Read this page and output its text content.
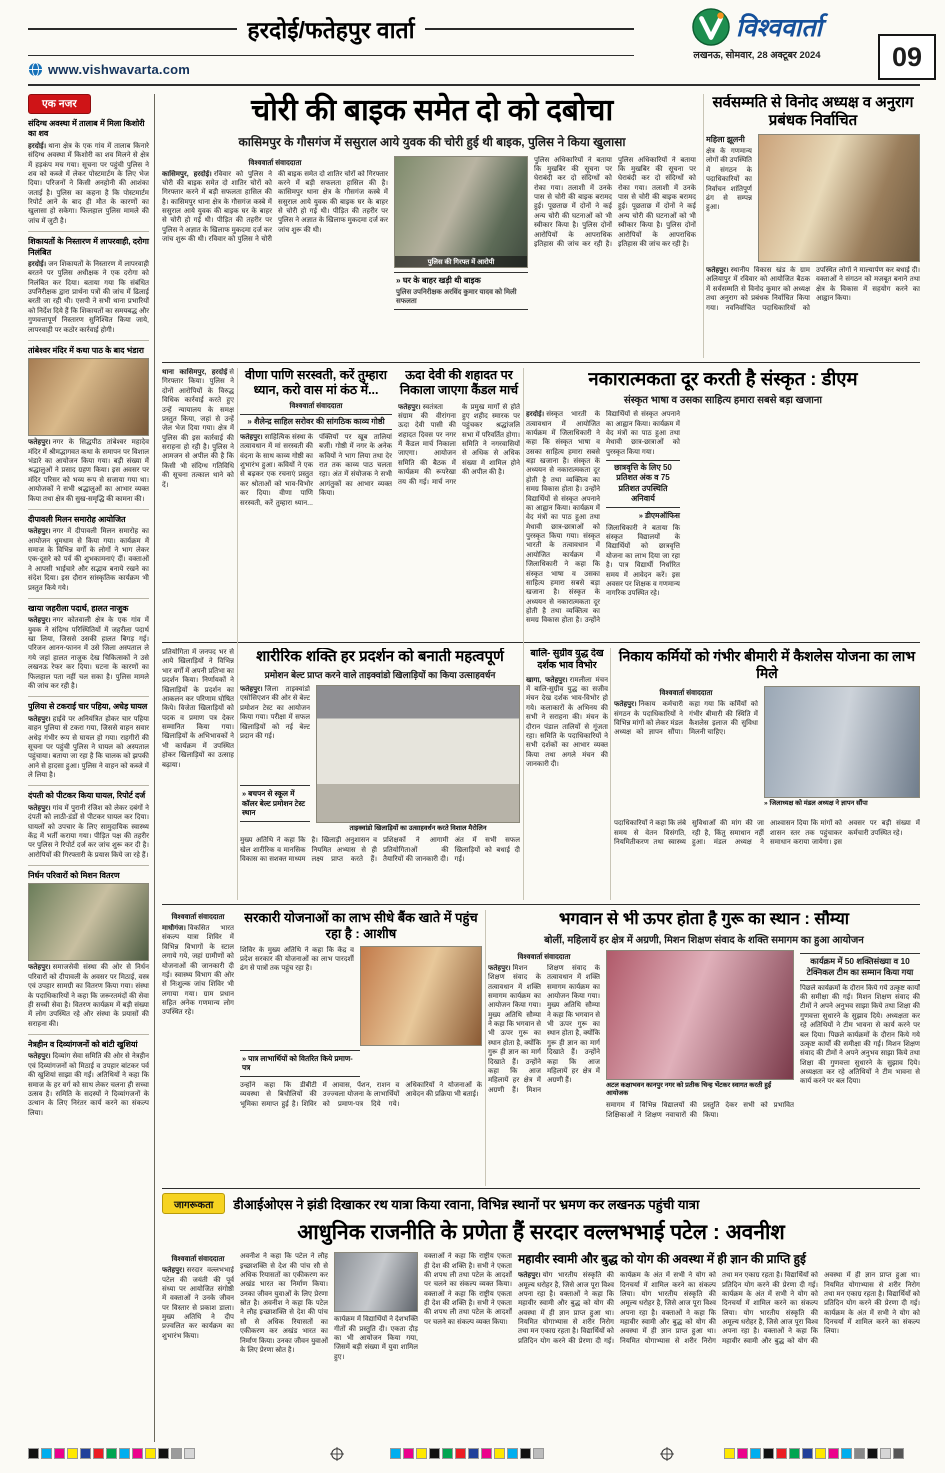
हरदोई/फतेहपुर वार्ता	विश्ववार्ता
लखनऊ, सोमवार, 28 अक्टूबर 2024	09
www.vishwavarta.com
एक नजर
संदिग्ध अवस्था में तालाब में मिला किशोरी का शव

हरदोई। थाना क्षेत्र के एक गांव में तालाब किनारे संदिग्ध अवस्था में किशोरी का शव मिलने से क्षेत्र में हड़कंप मच गया। सूचना पर पहुंची पुलिस ने शव को कब्जे में लेकर पोस्टमार्टम के लिए भेज दिया। परिजनों ने किसी अनहोनी की आशंका जताई है। पुलिस का कहना है कि पोस्टमार्टम रिपोर्ट आने के बाद ही मौत के कारणों का खुलासा हो सकेगा। फिलहाल पुलिस मामले की जांच में जुटी है।

शिकायतों के निस्तारण में लापरवाही, दरोगा निलंबित

हरदोई। जन शिकायतों के निस्तारण में लापरवाही बरतने पर पुलिस अधीक्षक ने एक दरोगा को निलंबित कर दिया। बताया गया कि संबंधित उपनिरीक्षक द्वारा प्रार्थना पत्रों की जांच में ढिलाई बरती जा रही थी। एसपी ने सभी थाना प्रभारियों को निर्देश दिये हैं कि शिकायतों का समयबद्ध और गुणवत्तापूर्ण निस्तारण सुनिश्चित किया जाये, लापरवाही पर कठोर कार्रवाई होगी।

तांबेश्वर मंदिर में कथा पाठ के बाद भंडारा

फतेहपुर। नगर के सिद्धपीठ तांबेश्वर महादेव मंदिर में श्रीमद्भागवत कथा के समापन पर विशाल भंडारे का आयोजन किया गया। बड़ी संख्या में श्रद्धालुओं ने प्रसाद ग्रहण किया। इस अवसर पर मंदिर परिसर को भव्य रूप से सजाया गया था। आयोजकों ने सभी श्रद्धालुओं का आभार व्यक्त किया तथा क्षेत्र की सुख-समृद्धि की कामना की।

दीपावली मिलन समारोह आयोजित

फतेहपुर। नगर में दीपावली मिलन समारोह का आयोजन धूमधाम से किया गया। कार्यक्रम में समाज के विभिन्न वर्गों के लोगों ने भाग लेकर एक-दूसरे को पर्व की शुभकामनाएं दीं। वक्ताओं ने आपसी भाईचारे और सद्भाव बनाये रखने का संदेश दिया। इस दौरान सांस्कृतिक कार्यक्रम भी प्रस्तुत किये गये।

खाया जहरीला पदार्थ, हालत नाजुक

फतेहपुर। नगर कोतवाली क्षेत्र के एक गांव में युवक ने संदिग्ध परिस्थितियों में जहरीला पदार्थ खा लिया, जिससे उसकी हालत बिगड़ गई। परिजन आनन-फानन में उसे जिला अस्पताल ले गये जहां हालत नाजुक देख चिकित्सकों ने उसे लखनऊ रेफर कर दिया। घटना के कारणों का फिलहाल पता नहीं चल सका है। पुलिस मामले की जांच कर रही है।

पुलिया से टकराई चार पहिया, अधेड़ घायल

फतेहपुर। हाईवे पर अनियंत्रित होकर चार पहिया वाहन पुलिया से टकरा गया, जिससे वाहन सवार अधेड़ गंभीर रूप से घायल हो गया। राहगीरों की सूचना पर पहुंची पुलिस ने घायल को अस्पताल पहुंचाया। बताया जा रहा है कि चालक को झपकी आने से हादसा हुआ। पुलिस ने वाहन को कब्जे में ले लिया है।

दंपती को पीटकर किया घायल, रिपोर्ट दर्ज

फतेहपुर। गांव में पुरानी रंजिश को लेकर दबंगों ने दंपती को लाठी-डंडों से पीटकर घायल कर दिया। घायलों को उपचार के लिए सामुदायिक स्वास्थ्य केंद्र में भर्ती कराया गया। पीड़ित पक्ष की तहरीर पर पुलिस ने रिपोर्ट दर्ज कर जांच शुरू कर दी है। आरोपियों की गिरफ्तारी के प्रयास किये जा रहे हैं।

निर्धन परिवारों को मिशन वितरण

फतेहपुर। समाजसेवी संस्था की ओर से निर्धन परिवारों को दीपावली के अवसर पर मिठाई, वस्त्र एवं उपहार सामग्री का वितरण किया गया। संस्था के पदाधिकारियों ने कहा कि जरूरतमंदों की सेवा ही सच्ची सेवा है। वितरण कार्यक्रम में बड़ी संख्या में लोग उपस्थित रहे और संस्था के प्रयासों की सराहना की।

नेत्रहीन व दिव्यांगजनों को बांटी खुशियां

फतेहपुर। दिव्यांग सेवा समिति की ओर से नेत्रहीन एवं दिव्यांगजनों को मिठाई व उपहार बांटकर पर्व की खुशियां साझा की गईं। अतिथियों ने कहा कि समाज के हर वर्ग को साथ लेकर चलना ही सच्चा उत्सव है। समिति के सदस्यों ने दिव्यांगजनों के उत्थान के लिए निरंतर कार्य करने का संकल्प लिया।

चोरी की बाइक समेत दो को दबोचा
कासिमपुर के गौसगंज में ससुराल आये युवक की चोरी हुई थी बाइक, पुलिस ने किया खुलासा
विश्ववार्ता संवाददाता

कासिमपुर, हरदोई। रविवार को पुलिस ने चोरी की बाइक समेत दो शातिर चोरों को गिरफ्तार करने में बड़ी सफलता हासिल की है। कासिमपुर थाना क्षेत्र के गौसगंज कस्बे में ससुराल आये युवक की बाइक घर के बाहर से चोरी हो गई थी। पीड़ित की तहरीर पर पुलिस ने अज्ञात के खिलाफ मुकदमा दर्ज कर जांच शुरू की थी। रविवार को पुलिस ने चोरी की बाइक समेत दो शातिर चोरों को गिरफ्तार करने में बड़ी सफलता हासिल की है। कासिमपुर थाना क्षेत्र के गौसगंज कस्बे में ससुराल आये युवक की बाइक घर के बाहर से चोरी हो गई थी। पीड़ित की तहरीर पर पुलिस ने अज्ञात के खिलाफ मुकदमा दर्ज कर जांच शुरू की थी।

पुलिस की गिरफ्त में आरोपी
» घर के बाहर खड़ी थी बाइक
पुलिस उपनिरीक्षक अरविंद कुमार यादव को मिली सफलता

पुलिस अधिकारियों ने बताया कि मुखबिर की सूचना पर घेराबंदी कर दो संदिग्धों को रोका गया। तलाशी में उनके पास से चोरी की बाइक बरामद हुई। पूछताछ में दोनों ने कई अन्य चोरी की घटनाओं को भी स्वीकार किया है। पुलिस दोनों आरोपियों के आपराधिक इतिहास की जांच कर रही है। पुलिस अधिकारियों ने बताया कि मुखबिर की सूचना पर घेराबंदी कर दो संदिग्धों को रोका गया। तलाशी में उनके पास से चोरी की बाइक बरामद हुई। पूछताछ में दोनों ने कई अन्य चोरी की घटनाओं को भी स्वीकार किया है। पुलिस दोनों आरोपियों के आपराधिक इतिहास की जांच कर रही है।

सर्वसम्मति से विनोद अध्यक्ष व अनुराग प्रबंधक निर्वाचित
महिला झूलनी

क्षेत्र के गणमान्य लोगों की उपस्थिति में संगठन के पदाधिकारियों का निर्वाचन शांतिपूर्ण ढंग से सम्पन्न हुआ।

फतेहपुर। स्थानीय विकास खंड के ग्राम अलियापुर में रविवार को आयोजित बैठक में सर्वसम्मति से विनोद कुमार को अध्यक्ष तथा अनुराग को प्रबंधक निर्वाचित किया गया। नवनिर्वाचित पदाधिकारियों को उपस्थित लोगों ने माल्यार्पण कर बधाई दी। वक्ताओं ने संगठन को मजबूत बनाने तथा क्षेत्र के विकास में सहयोग करने का आह्वान किया।

थाना कासिमपुर, हरदोई से गिरफ्तार किया। पुलिस ने दोनों आरोपियों के विरुद्ध विधिक कार्रवाई करते हुए उन्हें न्यायालय के समक्ष प्रस्तुत किया, जहां से उन्हें जेल भेज दिया गया। क्षेत्र में पुलिस की इस कार्रवाई की सराहना हो रही है। पुलिस ने आमजन से अपील की है कि किसी भी संदिग्ध गतिविधि की सूचना तत्काल थाने को दें।

वीणा पाणि सरस्वती, करें तुम्हारा ध्यान, करो वास मां कंठ में...
विश्ववार्ता संवाददाता
» शैलेन्द्र साहिल सरोवर की सांगठिक काव्य गोष्ठी

फतेहपुर। साहित्यिक संस्था के तत्वावधान में मां सरस्वती की वंदना के साथ काव्य गोष्ठी का शुभारंभ हुआ। कवियों ने एक से बढ़कर एक रचनाएं प्रस्तुत कर श्रोताओं को भाव-विभोर कर दिया। वीणा पाणि सरस्वती, करें तुम्हारा ध्यान... पंक्तियों पर खूब तालियां बजीं। गोष्ठी में नगर के अनेक कवियों ने भाग लिया तथा देर रात तक काव्य पाठ चलता रहा। अंत में संयोजक ने सभी आगंतुकों का आभार व्यक्त किया।

ऊदा देवी की शहादत पर निकाला जाएगा कैंडल मार्च

फतेहपुर। स्वतंत्रता संग्राम की वीरांगना ऊदा देवी पासी की शहादत दिवस पर नगर में कैंडल मार्च निकाला जाएगा। आयोजन समिति की बैठक में कार्यक्रम की रूपरेखा तय की गई। मार्च नगर के प्रमुख मार्गों से होते हुए शहीद स्मारक पर पहुंचकर श्रद्धांजलि सभा में परिवर्तित होगा। समिति ने नगरवासियों से अधिक से अधिक संख्या में शामिल होने की अपील की है।

नकारात्मकता दूर करती है संस्कृत : डीएम
संस्कृत भाषा व उसका साहित्य हमारा सबसे बड़ा खजाना

हरदोई। संस्कृत भारती के तत्वावधान में आयोजित कार्यक्रम में जिलाधिकारी ने कहा कि संस्कृत भाषा व उसका साहित्य हमारा सबसे बड़ा खजाना है। संस्कृत के अध्ययन से नकारात्मकता दूर होती है तथा व्यक्तित्व का समग्र विकास होता है। उन्होंने विद्यार्थियों से संस्कृत अपनाने का आह्वान किया। कार्यक्रम में वेद मंत्रों का पाठ हुआ तथा मेधावी छात्र-छात्राओं को पुरस्कृत किया गया। संस्कृत भारती के तत्वावधान में आयोजित कार्यक्रम में जिलाधिकारी ने कहा कि संस्कृत भाषा व उसका साहित्य हमारा सबसे बड़ा खजाना है। संस्कृत के अध्ययन से नकारात्मकता दूर होती है तथा व्यक्तित्व का समग्र विकास होता है। उन्होंने विद्यार्थियों से संस्कृत अपनाने का आह्वान किया। कार्यक्रम में वेद मंत्रों का पाठ हुआ तथा मेधावी छात्र-छात्राओं को पुरस्कृत किया गया।

छात्रवृत्ति के लिए 50 प्रतिशत अंक व 75 प्रतिशत उपस्थिति अनिवार्य
» डीएमऑफिस

जिलाधिकारी ने बताया कि संस्कृत विद्यालयों के विद्यार्थियों को छात्रवृत्ति योजना का लाभ दिया जा रहा है। पात्र विद्यार्थी निर्धारित समय में आवेदन करें। इस अवसर पर शिक्षक व गणमान्य नागरिक उपस्थित रहे।

प्रतियोगिता में जनपद भर से आये खिलाड़ियों ने विभिन्न भार वर्गों में अपनी प्रतिभा का प्रदर्शन किया। निर्णायकों ने खिलाड़ियों के प्रदर्शन का आकलन कर परिणाम घोषित किये। विजेता खिलाड़ियों को पदक व प्रमाण पत्र देकर सम्मानित किया गया। खिलाड़ियों के अभिभावकों ने भी कार्यक्रम में उपस्थित होकर खिलाड़ियों का उत्साह बढ़ाया।

शारीरिक शक्ति हर प्रदर्शन को बनाती महत्वपूर्ण
प्रमोशन बेल्ट प्राप्त करने वाले ताइक्वांडो खिलाड़ियों का किया उत्साहवर्धन

फतेहपुर। जिला ताइक्वांडो एसोसिएशन की ओर से बेल्ट प्रमोशन टेस्ट का आयोजन किया गया। परीक्षा में सफल खिलाड़ियों को नई बेल्ट प्रदान की गई।

» बचपन से स्कूल में कॉलर बेल्ट प्रमोशन टेस्ट स्थान
ताइक्वांडो खिलाड़ियों का उत्साहवर्धन करते विशाल मैरोलिन

मुख्य अतिथि ने कहा कि खेल शारीरिक व मानसिक विकास का सशक्त माध्यम है। खिलाड़ी अनुशासन व नियमित अभ्यास से ही लक्ष्य प्राप्त करते हैं। प्रशिक्षकों ने आगामी प्रतियोगिताओं की तैयारियों की जानकारी दी। अंत में सभी सफल खिलाड़ियों को बधाई दी गई।

बालि- सुग्रीव युद्ध देख दर्शक भाव विभोर

खागा, फतेहपुर। रामलीला मंचन में बालि-सुग्रीव युद्ध का सजीव मंचन देख दर्शक भाव-विभोर हो गये। कलाकारों के अभिनय की सभी ने सराहना की। मंचन के दौरान पंडाल तालियों से गूंजता रहा। समिति के पदाधिकारियों ने सभी दर्शकों का आभार व्यक्त किया तथा अगले मंचन की जानकारी दी।

निकाय कर्मियों को गंभीर बीमारी में कैशलेस योजना का लाभ मिले
विश्ववार्ता संवाददाता

फतेहपुर। निकाय कर्मचारी संगठन के पदाधिकारियों ने विभिन्न मांगों को लेकर मंडल अध्यक्ष को ज्ञापन सौंपा। कहा गया कि कर्मियों को गंभीर बीमारी की स्थिति में कैशलेस इलाज की सुविधा मिलनी चाहिए।

» जिलाध्यक्ष को मंडल अध्यक्ष ने ज्ञापन सौंपा

पदाधिकारियों ने कहा कि लंबे समय से वेतन विसंगति, नियमितीकरण तथा स्वास्थ्य सुविधाओं की मांग की जा रही है, किंतु समाधान नहीं हुआ। मंडल अध्यक्ष ने आश्वासन दिया कि मांगों को शासन स्तर तक पहुंचाकर समाधान कराया जायेगा। इस अवसर पर बड़ी संख्या में कर्मचारी उपस्थित रहे।

विश्ववार्ता संवाददाता

माधौगंज। विकसित भारत संकल्प यात्रा शिविर में विभिन्न विभागों के स्टाल लगाये गये, जहां ग्रामीणों को योजनाओं की जानकारी दी गई। स्वास्थ्य विभाग की ओर से निःशुल्क जांच शिविर भी लगाया गया। ग्राम प्रधान सहित अनेक गणमान्य लोग उपस्थित रहे।

सरकारी योजनाओं का लाभ सीधे बैंक खाते में पहुंच रहा है : आशीष

शिविर के मुख्य अतिथि ने कहा कि केंद्र व प्रदेश सरकार की योजनाओं का लाभ पारदर्शी ढंग से पात्रों तक पहुंच रहा है।

» पात्र लाभार्थियों को वितरित किये प्रमाण-पत्र

उन्होंने कहा कि डीबीटी व्यवस्था से बिचौलियों की भूमिका समाप्त हुई है। शिविर में आवास, पेंशन, राशन व उज्ज्वला योजना के लाभार्थियों को प्रमाण-पत्र दिये गये। अधिकारियों ने योजनाओं के आवेदन की प्रक्रिया भी बताई।

भगवान से भी ऊपर होता है गुरू का स्थान : सौम्या
बोलीं, महिलायें हर क्षेत्र में अग्रणी, मिशन शिक्षण संवाद के शक्ति समागम का हुआ आयोजन
विश्ववार्ता संवाददाता

फतेहपुर। मिशन शिक्षण संवाद के तत्वावधान में शक्ति समागम कार्यक्रम का आयोजन किया गया। मुख्य अतिथि सौम्या ने कहा कि भगवान से भी ऊपर गुरू का स्थान होता है, क्योंकि गुरू ही ज्ञान का मार्ग दिखाते हैं। उन्होंने कहा कि आज महिलायें हर क्षेत्र में अग्रणी हैं। मिशन शिक्षण संवाद के तत्वावधान में शक्ति समागम कार्यक्रम का आयोजन किया गया। मुख्य अतिथि सौम्या ने कहा कि भगवान से भी ऊपर गुरू का स्थान होता है, क्योंकि गुरू ही ज्ञान का मार्ग दिखाते हैं। उन्होंने कहा कि आज महिलायें हर क्षेत्र में अग्रणी हैं।

अटल कक्षाभवन कानपुर नगर को प्रतीक चिन्ह भेंटकर स्वागत करती हुईं आयोजक

समागम में विभिन्न विद्यालयों की शिक्षिकाओं ने शिक्षण नवाचारों की प्रस्तुति देकर सभी को प्रभावित किया।

कार्यक्रम में 50 शक्तिसंख्या व 10 टेक्निकल टीम का सम्मान किया गया

पिछले कार्यक्रमों के दौरान किये गये उत्कृष्ट कार्यों की समीक्षा की गई। मिशन शिक्षण संवाद की टीमों ने अपने अनुभव साझा किये तथा शिक्षा की गुणवत्ता सुधारने के सुझाव दिये। अध्यक्षता कर रहे अतिथियों ने टीम भावना से कार्य करने पर बल दिया। पिछले कार्यक्रमों के दौरान किये गये उत्कृष्ट कार्यों की समीक्षा की गई। मिशन शिक्षण संवाद की टीमों ने अपने अनुभव साझा किये तथा शिक्षा की गुणवत्ता सुधारने के सुझाव दिये। अध्यक्षता कर रहे अतिथियों ने टीम भावना से कार्य करने पर बल दिया।

जागरूकता	डीआईओएस ने झंडी दिखाकर रथ यात्रा किया रवाना, विभिन्न स्थानों पर भ्रमण कर लखनऊ पहुंची यात्रा
आधुनिक राजनीति के प्रणेता हैं सरदार वल्लभभाई पटेल : अवनीश
विश्ववार्ता संवाददाता

फतेहपुर। सरदार वल्लभभाई पटेल की जयंती की पूर्व संध्या पर आयोजित संगोष्ठी में वक्ताओं ने उनके जीवन पर विस्तार से प्रकाश डाला। मुख्य अतिथि ने दीप प्रज्वलित कर कार्यक्रम का शुभारंभ किया।

अवनीश ने कहा कि पटेल ने लौह इच्छाशक्ति से देश की पांच सौ से अधिक रियासतों का एकीकरण कर अखंड भारत का निर्माण किया। उनका जीवन युवाओं के लिए प्रेरणा स्रोत है। अवनीश ने कहा कि पटेल ने लौह इच्छाशक्ति से देश की पांच सौ से अधिक रियासतों का एकीकरण कर अखंड भारत का निर्माण किया। उनका जीवन युवाओं के लिए प्रेरणा स्रोत है।

कार्यक्रम में विद्यार्थियों ने देशभक्ति गीतों की प्रस्तुति दी। एकता दौड़ का भी आयोजन किया गया, जिसमें बड़ी संख्या में युवा शामिल हुए।

वक्ताओं ने कहा कि राष्ट्रीय एकता ही देश की शक्ति है। सभी ने एकता की शपथ ली तथा पटेल के आदर्शों पर चलने का संकल्प व्यक्त किया। वक्ताओं ने कहा कि राष्ट्रीय एकता ही देश की शक्ति है। सभी ने एकता की शपथ ली तथा पटेल के आदर्शों पर चलने का संकल्प व्यक्त किया।

महावीर स्वामी और बुद्ध को योग की अवस्था में ही ज्ञान की प्राप्ति हुई

फतेहपुर। योग भारतीय संस्कृति की अमूल्य धरोहर है, जिसे आज पूरा विश्व अपना रहा है। वक्ताओं ने कहा कि महावीर स्वामी और बुद्ध को योग की अवस्था में ही ज्ञान प्राप्त हुआ था। नियमित योगाभ्यास से शरीर निरोग तथा मन एकाग्र रहता है। विद्यार्थियों को प्रतिदिन योग करने की प्रेरणा दी गई। कार्यक्रम के अंत में सभी ने योग को दिनचर्या में शामिल करने का संकल्प लिया। योग भारतीय संस्कृति की अमूल्य धरोहर है, जिसे आज पूरा विश्व अपना रहा है। वक्ताओं ने कहा कि महावीर स्वामी और बुद्ध को योग की अवस्था में ही ज्ञान प्राप्त हुआ था। नियमित योगाभ्यास से शरीर निरोग तथा मन एकाग्र रहता है। विद्यार्थियों को प्रतिदिन योग करने की प्रेरणा दी गई। कार्यक्रम के अंत में सभी ने योग को दिनचर्या में शामिल करने का संकल्प लिया। योग भारतीय संस्कृति की अमूल्य धरोहर है, जिसे आज पूरा विश्व अपना रहा है। वक्ताओं ने कहा कि महावीर स्वामी और बुद्ध को योग की अवस्था में ही ज्ञान प्राप्त हुआ था। नियमित योगाभ्यास से शरीर निरोग तथा मन एकाग्र रहता है। विद्यार्थियों को प्रतिदिन योग करने की प्रेरणा दी गई। कार्यक्रम के अंत में सभी ने योग को दिनचर्या में शामिल करने का संकल्प लिया।
